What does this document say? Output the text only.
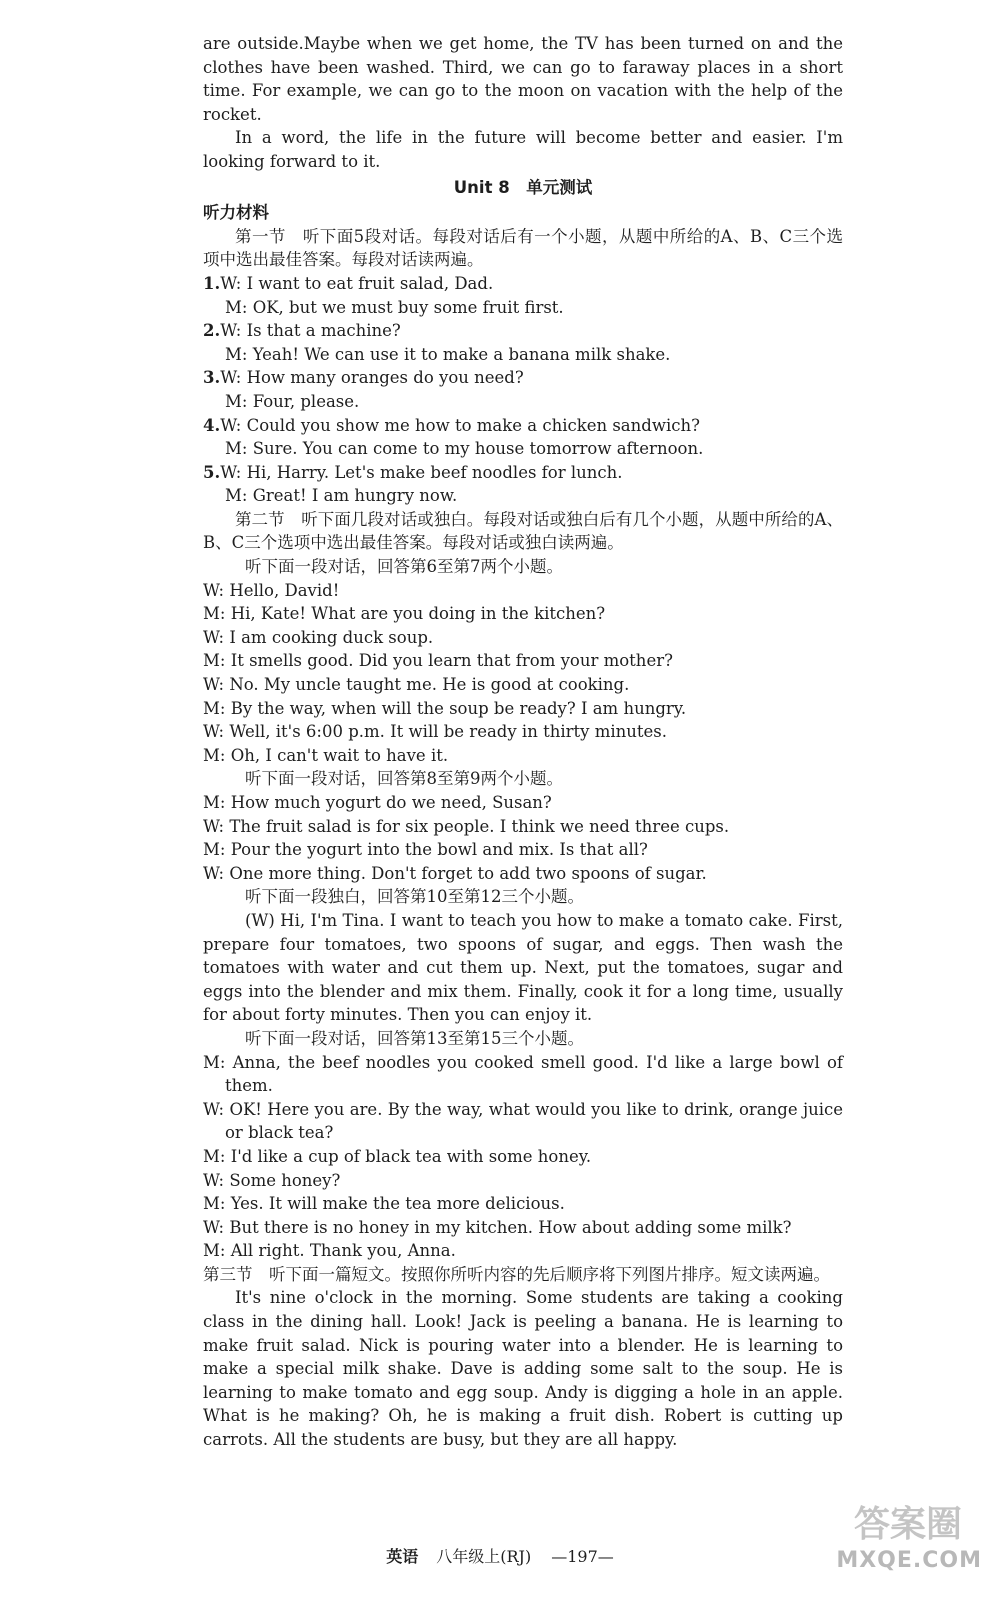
are outside.Maybe when we get home, the TV has been turned on and the clothes have been washed. Third, we can go to faraway places in a short time. For example, we can go to the moon on vacation with the help of the rocket.

In a word, the life in the future will become better and easier. I'm looking forward to it.

Unit 8　单元测试

听力材料

第一节　听下面5段对话。每段对话后有一个小题，从题中所给的A、B、C三个选项中选出最佳答案。每段对话读两遍。

1.W: I want to eat fruit salad, Dad.

M: OK, but we must buy some fruit first.

2.W: Is that a machine?

M: Yeah! We can use it to make a banana milk shake.

3.W: How many oranges do you need?

M: Four, please.

4.W: Could you show me how to make a chicken sandwich?

M: Sure. You can come to my house tomorrow afternoon.

5.W: Hi, Harry. Let's make beef noodles for lunch.

M: Great! I am hungry now.

第二节　听下面几段对话或独白。每段对话或独白后有几个小题，从题中所给的A、B、C三个选项中选出最佳答案。每段对话或独白读两遍。

听下面一段对话，回答第6至第7两个小题。

W: Hello, David!

M: Hi, Kate! What are you doing in the kitchen?

W: I am cooking duck soup.

M: It smells good. Did you learn that from your mother?

W: No. My uncle taught me. He is good at cooking.

M: By the way, when will the soup be ready? I am hungry.

W: Well, it's 6:00 p.m. It will be ready in thirty minutes.

M: Oh, I can't wait to have it.

听下面一段对话，回答第8至第9两个小题。

M: How much yogurt do we need, Susan?

W: The fruit salad is for six people. I think we need three cups.

M: Pour the yogurt into the bowl and mix. Is that all?

W: One more thing. Don't forget to add two spoons of sugar.

听下面一段独白，回答第10至第12三个小题。

(W) Hi, I'm Tina. I want to teach you how to make a tomato cake. First, prepare four tomatoes, two spoons of sugar, and eggs. Then wash the tomatoes with water and cut them up. Next, put the tomatoes, sugar and eggs into the blender and mix them. Finally, cook it for a long time, usually for about forty minutes. Then you can enjoy it.

听下面一段对话，回答第13至第15三个小题。

M: Anna, the beef noodles you cooked smell good. I'd like a large bowl of them.

W: OK! Here you are. By the way, what would you like to drink, orange juice or black tea?

M: I'd like a cup of black tea with some honey.

W: Some honey?

M: Yes. It will make the tea more delicious.

W: But there is no honey in my kitchen. How about adding some milk?

M: All right. Thank you, Anna.

第三节　听下面一篇短文。按照你所听内容的先后顺序将下列图片排序。短文读两遍。

It's nine o'clock in the morning. Some students are taking a cooking class in the dining hall. Look! Jack is peeling a banana. He is learning to make fruit salad. Nick is pouring water into a blender. He is learning to make a special milk shake. Dave is adding some salt to the soup. He is learning to make tomato and egg soup. Andy is digging a hole in an apple. What is he making? Oh, he is making a fruit dish. Robert is cutting up carrots. All the students are busy, but they are all happy.

英语 八年级上(RJ) —197—
答案圈
MXQE.COM
